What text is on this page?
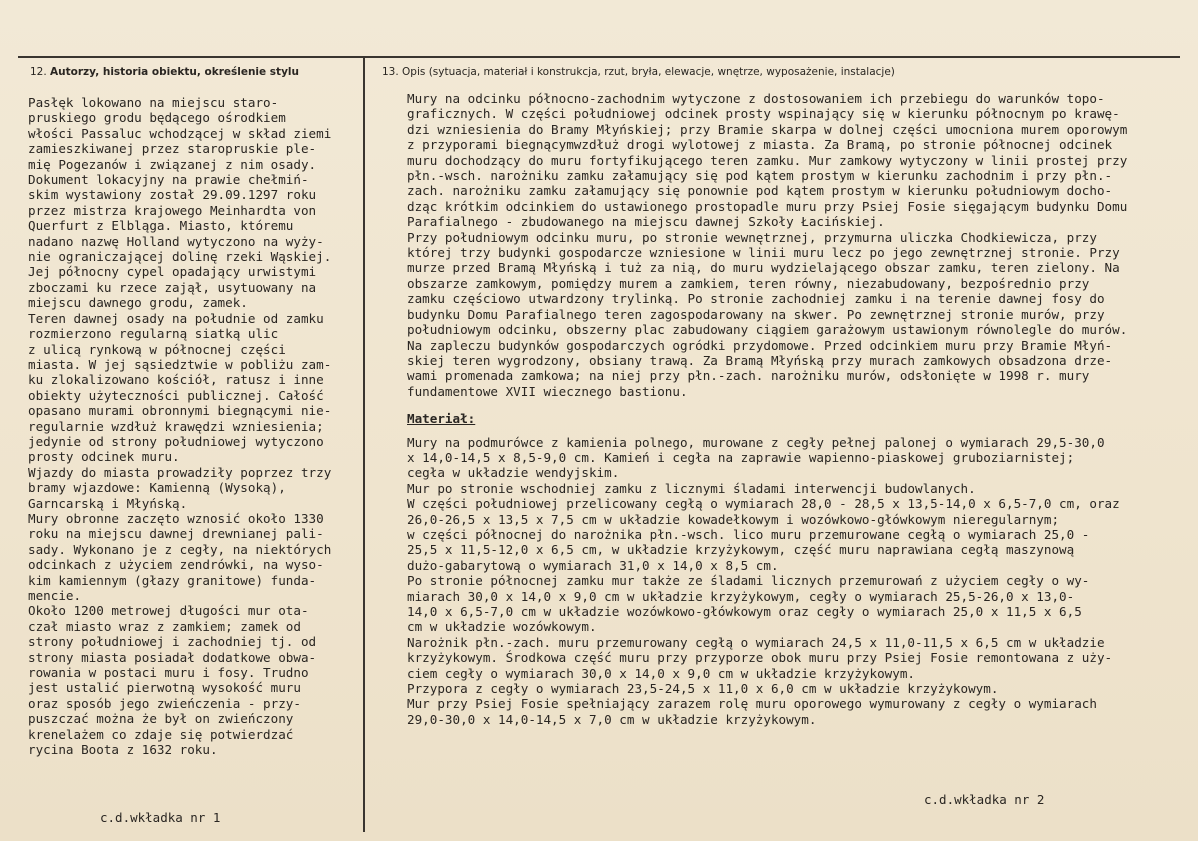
12. Autorzy, historia obiektu, określenie stylu	13. Opis (sytuacja, materiał i konstrukcja, rzut, bryła, elewacje, wnętrze, wyposażenie, instalacje)
Pasłęk lokowano na miejscu staro-
pruskiego grodu będącego ośrodkiem
włości Passaluc wchodzącej w skład ziemi
zamieszkiwanej przez staropruskie ple-
mię Pogezanów i związanej z nim osady.
Dokument lokacyjny na prawie chełmiń-
skim wystawiony został 29.09.1297 roku
przez mistrza krajowego Meinhardta von
Querfurt z Elbląga. Miasto, któremu
nadano nazwę Holland wytyczono na wyży-
nie ograniczającej dolinę rzeki Wąskiej.
Jej północny cypel opadający urwistymi
zboczami ku rzece zajął, usytuowany na
miejscu dawnego grodu, zamek.
Teren dawnej osady na południe od zamku
rozmierzono regularną siatką ulic
z ulicą rynkową w północnej części
miasta. W jej sąsiedztwie w pobliżu zam-
ku zlokalizowano kościół, ratusz i inne
obiekty użyteczności publicznej. Całość
opasano murami obronnymi biegnącymi nie-
regularnie wzdłuż krawędzi wzniesienia;
jedynie od strony południowej wytyczono
prosty odcinek muru.
Wjazdy do miasta prowadziły poprzez trzy
bramy wjazdowe: Kamienną (Wysoką),
Garncarską i Młyńską.
Mury obronne zaczęto wznosić około 1330
roku na miejscu dawnej drewnianej pali-
sady. Wykonano je z cegły, na niektórych
odcinkach z użyciem zendrówki, na wyso-
kim kamiennym (głazy granitowe) funda-
mencie.
Około 1200 metrowej długości mur ota-
czał miasto wraz z zamkiem; zamek od
strony południowej i zachodniej tj. od
strony miasta posiadał dodatkowe obwa-
rowania w postaci muru i fosy. Trudno
jest ustalić pierwotną wysokość muru
oraz sposób jego zwieńczenia - przy-
puszczać można że był on zwieńczony
krenelażem co zdaje się potwierdzać
rycina Boota z 1632 roku.
Mury na odcinku północno-zachodnim wytyczone z dostosowaniem ich przebiegu do warunków topo-
graficznych. W części południowej odcinek prosty wspinający się w kierunku północnym po krawę-
dzi wzniesienia do Bramy Młyńskiej; przy Bramie skarpa w dolnej części umocniona murem oporowym
z przyporami biegnącymwzdłuż drogi wylotowej z miasta. Za Bramą, po stronie północnej odcinek
muru dochodzący do muru fortyfikującego teren zamku. Mur zamkowy wytyczony w linii prostej przy
płn.-wsch. narożniku zamku załamujący się pod kątem prostym w kierunku zachodnim i przy płn.-
zach. narożniku zamku załamujący się ponownie pod kątem prostym w kierunku południowym docho-
dząc krótkim odcinkiem do ustawionego prostopadle muru przy Psiej Fosie sięgającym budynku Domu
Parafialnego - zbudowanego na miejscu dawnej Szkoły Łacińskiej.
Przy południowym odcinku muru, po stronie wewnętrznej, przymurna uliczka Chodkiewicza, przy
której trzy budynki gospodarcze wzniesione w linii muru lecz po jego zewnętrznej stronie. Przy
murze przed Bramą Młyńską i tuż za nią, do muru wydzielającego obszar zamku, teren zielony. Na
obszarze zamkowym, pomiędzy murem a zamkiem, teren równy, niezabudowany, bezpośrednio przy
zamku częściowo utwardzony trylinką. Po stronie zachodniej zamku i na terenie dawnej fosy do
budynku Domu Parafialnego teren zagospodarowany na skwer. Po zewnętrznej stronie murów, przy
południowym odcinku, obszerny plac zabudowany ciągiem garażowym ustawionym równolegle do murów.
Na zapleczu budynków gospodarczych ogródki przydomowe. Przed odcinkiem muru przy Bramie Młyń-
skiej teren wygrodzony, obsiany trawą. Za Bramą Młyńską przy murach zamkowych obsadzona drze-
wami promenada zamkowa; na niej przy płn.-zach. narożniku murów, odsłonięte w 1998 r. mury
fundamentowe XVII wiecznego bastionu.
Materiał:
Mury na podmurówce z kamienia polnego, murowane z cegły pełnej palonej o wymiarach 29,5-30,0
x 14,0-14,5 x 8,5-9,0 cm. Kamień i cegła na zaprawie wapienno-piaskowej gruboziarnistej;
cegła w układzie wendyjskim.
Mur po stronie wschodniej zamku z licznymi śladami interwencji budowlanych.
W części południowej przelicowany cegłą o wymiarach 28,0 - 28,5 x 13,5-14,0 x 6,5-7,0 cm, oraz
26,0-26,5 x 13,5 x 7,5 cm w układzie kowadełkowym i wozówkowo-główkowym nieregularnym;
w części północnej do narożnika płn.-wsch. lico muru przemurowane cegłą o wymiarach 25,0 -
25,5 x 11,5-12,0 x 6,5 cm, w układzie krzyżykowym, część muru naprawiana cegłą maszynową
dużo-gabarytową o wymiarach 31,0 x 14,0 x 8,5 cm.
Po stronie północnej zamku mur także ze śladami licznych przemurowań z użyciem cegły o wy-
miarach 30,0 x 14,0 x 9,0 cm w układzie krzyżykowym, cegły o wymiarach 25,5-26,0 x 13,0-
14,0 x 6,5-7,0 cm w układzie wozówkowo-główkowym oraz cegły o wymiarach 25,0 x 11,5 x 6,5
cm w układzie wozówkowym.
Narożnik płn.-zach. muru przemurowany cegłą o wymiarach 24,5 x 11,0-11,5 x 6,5 cm w układzie
krzyżykowym. Środkowa część muru przy przyporze obok muru przy Psiej Fosie remontowana z uży-
ciem cegły o wymiarach 30,0 x 14,0 x 9,0 cm w układzie krzyżykowym.
Przypora z cegły o wymiarach 23,5-24,5 x 11,0 x 6,0 cm w układzie krzyżykowym.
Mur przy Psiej Fosie spełniający zarazem rolę muru oporowego wymurowany z cegły o wymiarach
29,0-30,0 x 14,0-14,5 x 7,0 cm w układzie krzyżykowym.
c.d.wkładka nr 1
c.d.wkładka nr 2
